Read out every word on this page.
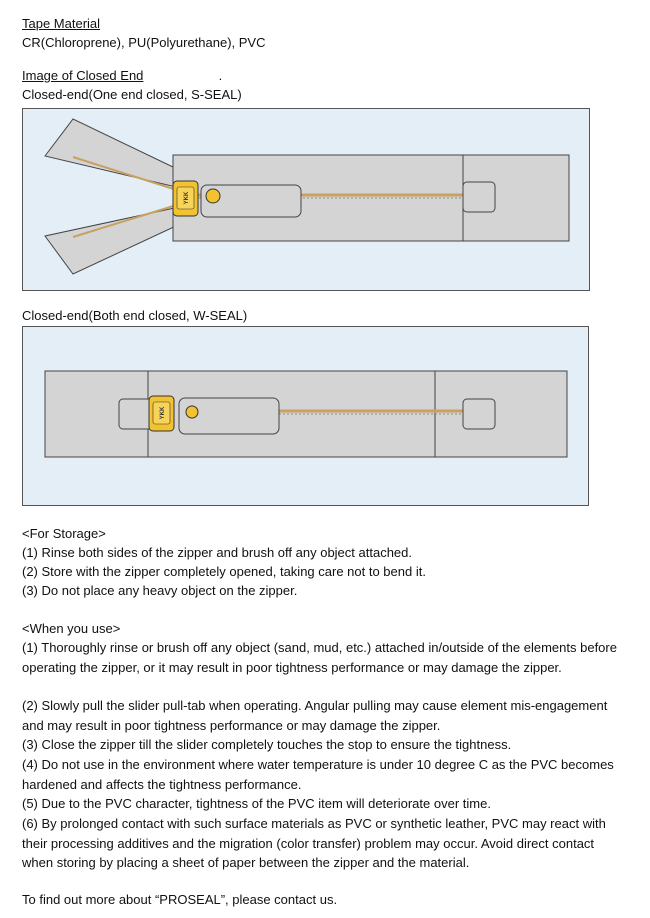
Tape Material
CR(Chloroprene), PU(Polyurethane), PVC
Image of Closed End	.
Closed-end(One end closed, S-SEAL)
YKK
Closed-end(Both end closed, W-SEAL)
YKK
<For Storage>
(1) Rinse both sides of the zipper and brush off any object attached.
(2) Store with the zipper completely opened, taking care not to bend it.
(3) Do not place any heavy object on the zipper.
<When you use>
(1) Thoroughly rinse or brush off any object (sand, mud, etc.) attached in/outside of the elements before operating the zipper, or it may result in poor tightness performance or may damage the zipper.
(2) Slowly pull the slider pull-tab when operating. Angular pulling may cause element mis-engagement and may result in poor tightness performance or may damage the zipper.
(3) Close the zipper till the slider completely touches the stop to ensure the tightness.
(4) Do not use in the environment where water temperature is under 10 degree C as the PVC becomes hardened and affects the tightness performance.
(5) Due to the PVC character, tightness of the PVC item will deteriorate over time.
(6) By prolonged contact with such surface materials as PVC or synthetic leather, PVC may react with their processing additives and the migration (color transfer) problem may occur. Avoid direct contact when storing by placing a sheet of paper between the zipper and the material.
To find out more about “PROSEAL”, please contact us.
